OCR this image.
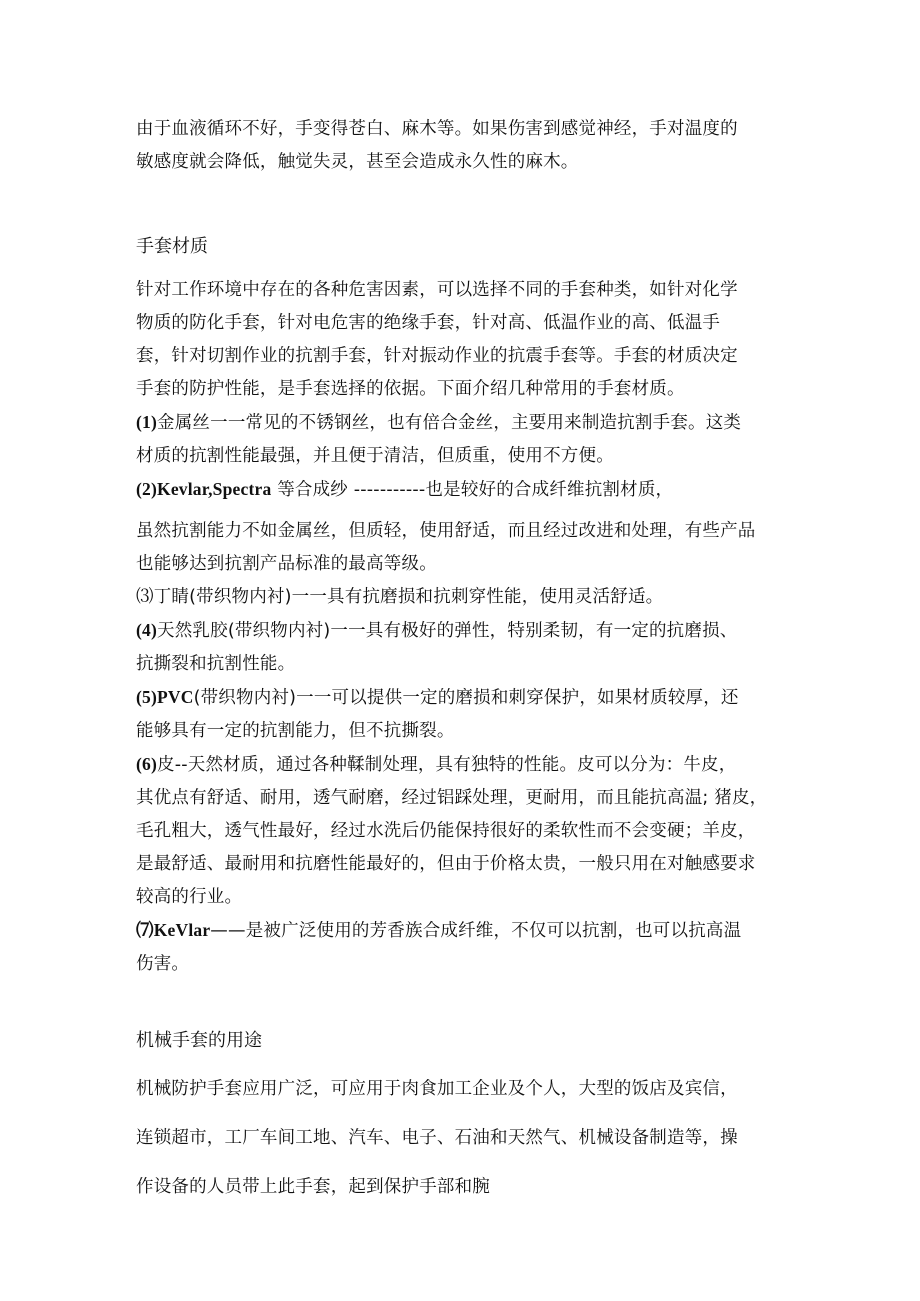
由于血液循环不好，手变得苍白、麻木等。如果伤害到感觉神经，手对温度的

敏感度就会降低，触觉失灵，甚至会造成永久性的麻木。

手套材质

针对工作环境中存在的各种危害因素，可以选择不同的手套种类，如针对化学

物质的防化手套，针对电危害的绝缘手套，针对高、低温作业的高、低温手

套，针对切割作业的抗割手套，针对振动作业的抗震手套等。手套的材质决定

手套的防护性能，是手套选择的依据。下面介绍几种常用的手套材质。

(1)金属丝一一常见的不锈钢丝，也有倍合金丝，主要用来制造抗割手套。这类

材质的抗割性能最强，并且便于清洁，但质重，使用不方便。

(2)Kevlar,Spectra 等合成纱 -----------也是较好的合成纤维抗割材质，

虽然抗割能力不如金属丝，但质轻，使用舒适，而且经过改进和处理，有些产品

也能够达到抗割产品标准的最高等级。

⑶丁睛(带织物内衬)一一具有抗磨损和抗刺穿性能，使用灵活舒适。

(4)天然乳胶(带织物内衬)一一具有极好的弹性，特别柔韧，有一定的抗磨损、

抗撕裂和抗割性能。

(5)PVC(带织物内衬)一一可以提供一定的磨损和刺穿保护，如果材质较厚，还

能够具有一定的抗割能力，但不抗撕裂。

(6)皮--天然材质，通过各种鞣制处理，具有独特的性能。皮可以分为：牛皮，

其优点有舒适、耐用，透气耐磨，经过铝踩处理，更耐用，而且能抗高温; 猪皮，

毛孔粗大，透气性最好，经过水洗后仍能保持很好的柔软性而不会变硬；羊皮，

是最舒适、最耐用和抗磨性能最好的，但由于价格太贵，一般只用在对触感要求

较高的行业。

⑺KeVlar——是被广泛使用的芳香族合成纤维，不仅可以抗割，也可以抗高温

伤害。

机械手套的用途

机械防护手套应用广泛，可应用于肉食加工企业及个人，大型的饭店及宾信，

连锁超市，工厂车间工地、汽车、电子、石油和天然气、机械设备制造等，操

作设备的人员带上此手套，起到保护手部和腕
